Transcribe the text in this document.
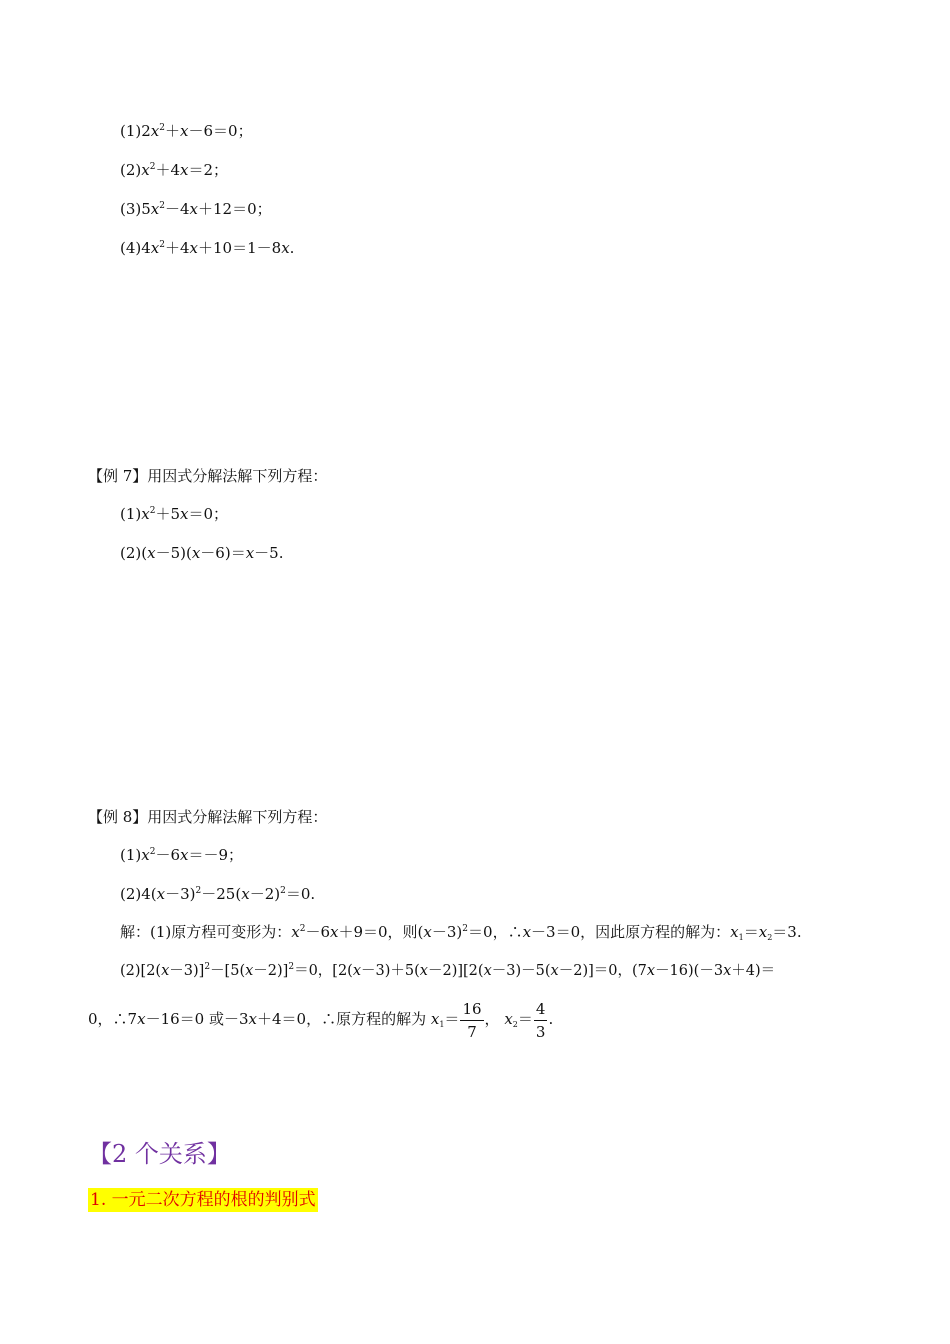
$(1)2x^2+x-6=0$；
$(2)x^2+4x=2$；
$(3)5x^2-4x+12=0$；
$(4)4x^2+4x+10=1-8x$.
【例 7】用因式分解法解下列方程：
$(1)x^2+5x=0$；
(2)(x－5)(x－6)＝x－5.
【例 8】用因式分解法解下列方程：
$(1)x^2-6x=-9$；
$(2)4(x-3)^2-25(x-2)^2=0$.
解：(1)原方程可变形为：$x^2-6x+9=0$，则$(x-3)^2=0$，∴x－3＝0，因此原方程的解为：$x_1=x_2=3$.
$(2)[2(x-3)]^2-[5(x-2)]^2=0$，[2(x－3)＋5(x－2)][2(x－3)－5(x－2)]＝0，(7x－16)(－3x＋4)＝
0，∴7x－16＝0 或－3x＋4＝0，∴原方程的解为 $x_1= \frac{16}{7}$ ， $x_2= \frac{4}{3}$ .
【2 个关系】
1. 一元二次方程的根的判别式
